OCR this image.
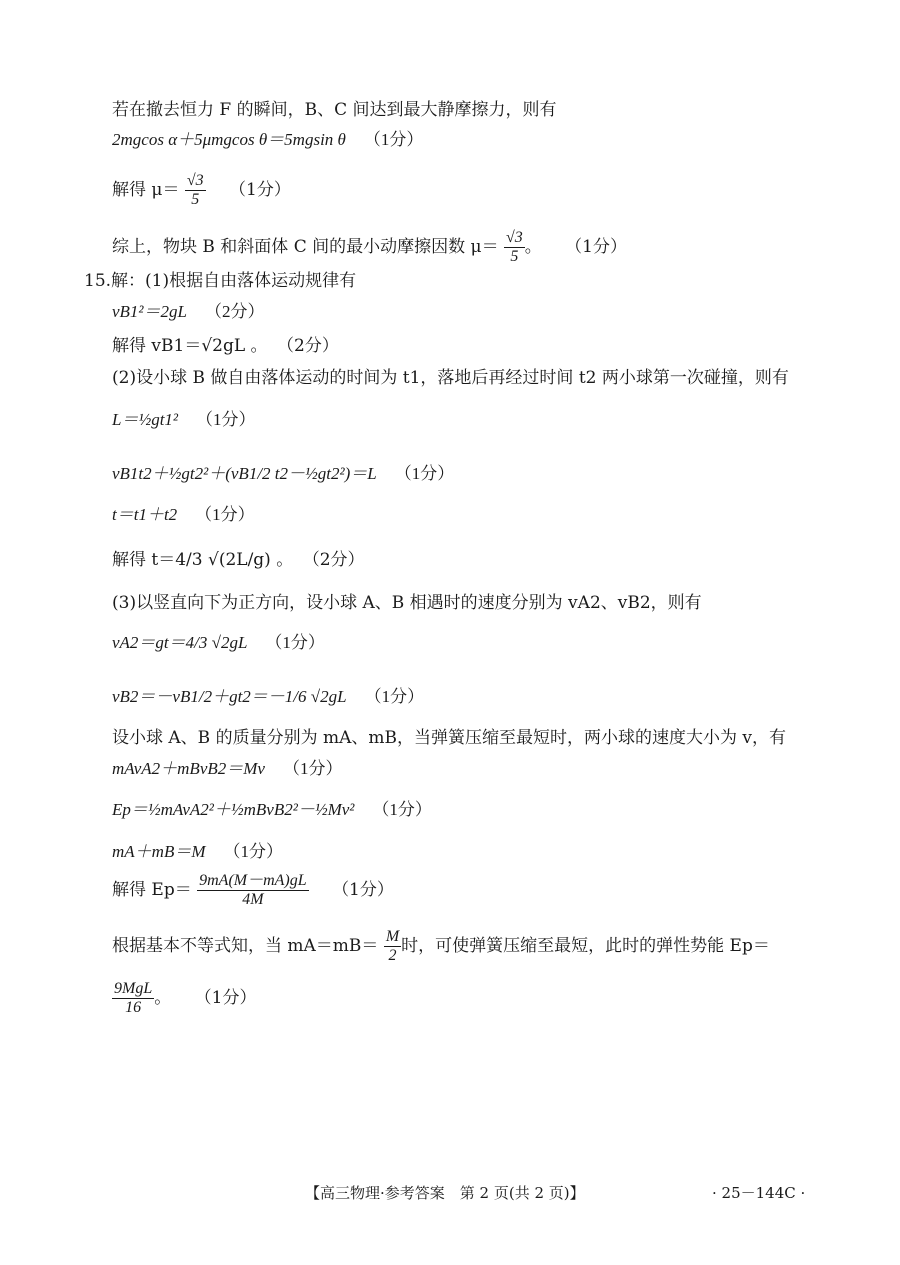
若在撤去恒力 F 的瞬间，B、C 间达到最大静摩擦力，则有
2mgcos α＋5μmgcos θ＝5mgsin θ （1分）
解得 $\mu= \frac{√3}{5} (1$分）
综上，物块 B 和斜面体 C 间的最小动摩擦因数 $\mu= \frac{√3}{5}$ 。 （1分）
15.解：(1)根据自由落体运动规律有
vB1²＝2gL （2分）
解得 vB1＝√2gL 。 （2分）
(2)设小球 B 做自由落体运动的时间为 t1，落地后再经过时间 t2 两小球第一次碰撞，则有
L＝½gt1² （1分）
vB1t2＋½gt2²＋(vB1/2 t2－½gt2²)＝L （1分）
t＝t1＋t2 （1分）
解得 t＝4/3 √(2L/g) 。 （2分）
(3)以竖直向下为正方向，设小球 A、B 相遇时的速度分别为 vA2、vB2，则有
vA2＝gt＝4/3 √2gL （1分）
vB2＝－vB1/2＋gt2＝－1/6 √2gL （1分）
设小球 A、B 的质量分别为 mA、mB，当弹簧压缩至最短时，两小球的速度大小为 v，有
mAvA2＋mBvB2＝Mv （1分）
Ep＝½mAvA2²＋½mBvB2²－½Mv² （1分）
mA＋mB＝M （1分）
解得 $Ep= \frac{9mA(M-mA)gL}{4M} (1$分）
根据基本不等式知，当 $mA=mB= \frac{M}{2}$ 时，可使弹簧压缩至最短，此时的弹性势能 Ep＝
$\frac{\text{9MgL}}{16}$ 。 （1分）
【高三物理·参考答案　第 2 页(共 2 页)】	· 25－144C ·
